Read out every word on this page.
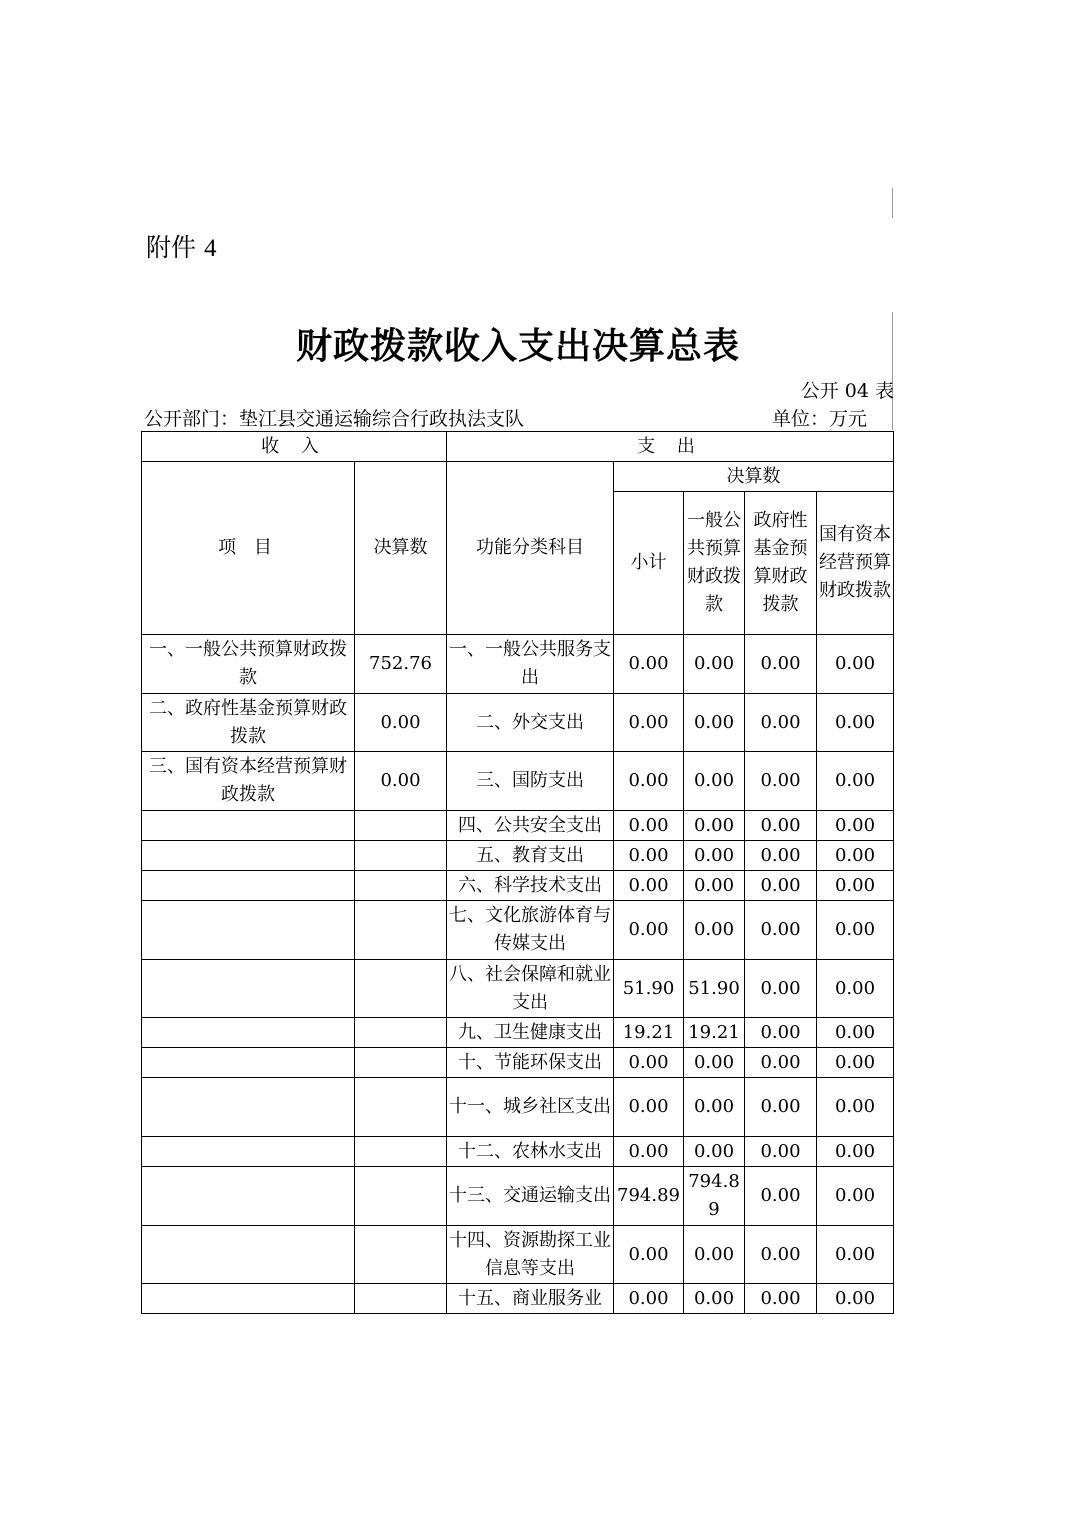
附件 4
财政拨款收入支出决算总表
公开 04 表
公开部门：垫江县交通运输综合行政执法支队	单位：万元
收 入		支 出				
项 目	决算数	功能分类科目	决算数			
			小计	一般公共预算财政拨款	政府性基金预算财政拨款	国有资本经营预算财政拨款
一、一般公共预算财政拨款	752.76	一、一般公共服务支出	0.00	0.00	0.00	0.00
二、政府性基金预算财政拨款	0.00	二、外交支出	0.00	0.00	0.00	0.00
三、国有资本经营预算财政拨款	0.00	三、国防支出	0.00	0.00	0.00	0.00
		四、公共安全支出	0.00	0.00	0.00	0.00
		五、教育支出	0.00	0.00	0.00	0.00
		六、科学技术支出	0.00	0.00	0.00	0.00
		七、文化旅游体育与传媒支出	0.00	0.00	0.00	0.00
		八、社会保障和就业支出	51.90	51.90	0.00	0.00
		九、卫生健康支出	19.21	19.21	0.00	0.00
		十、节能环保支出	0.00	0.00	0.00	0.00
		十一、城乡社区支出	0.00	0.00	0.00	0.00
		十二、农林水支出	0.00	0.00	0.00	0.00
		十三、交通运输支出	794.89	794.89	0.00	0.00
		十四、资源勘探工业信息等支出	0.00	0.00	0.00	0.00
		十五、商业服务业	0.00	0.00	0.00	0.00
